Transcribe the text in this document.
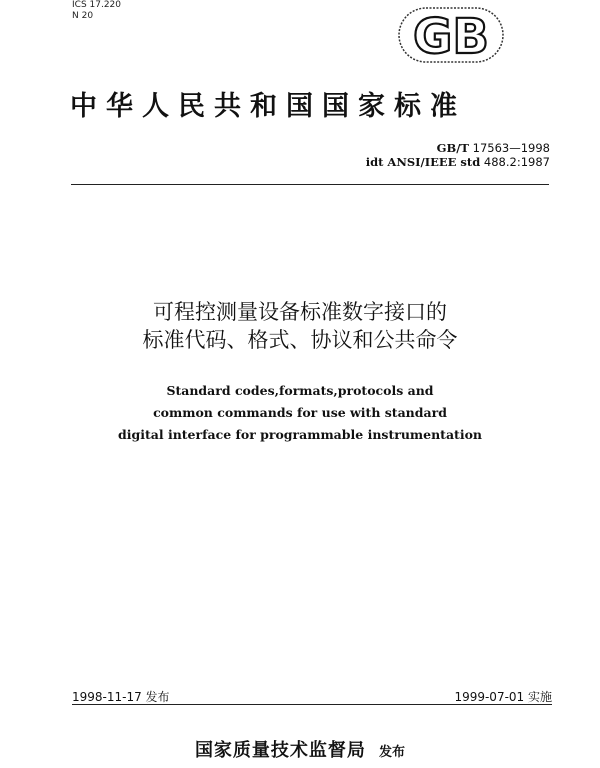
ICS 17.220
N 20	GB
中华人民共和国国家标准
GB/T 17563—1998
idt ANSI/IEEE std 488.2:1987
可程控测量设备标准数字接口的
标准代码、格式、协议和公共命令
Standard codes,formats,protocols and
common commands for use with standard
digital interface for programmable instrumentation
1998-11-17 发布	1999-07-01 实施
国家质量技术监督局 发布
